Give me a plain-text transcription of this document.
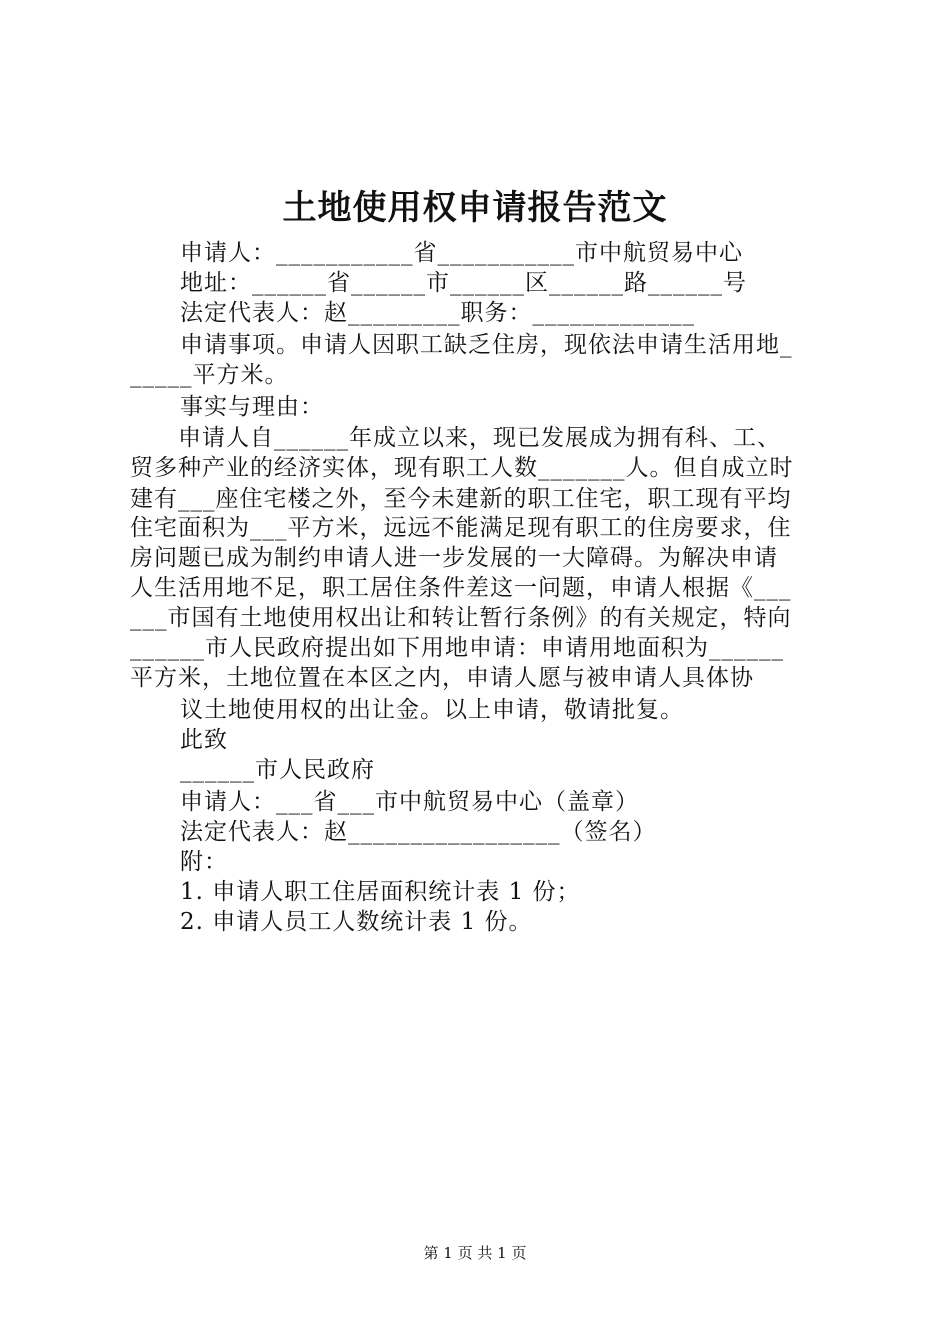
土地使用权申请报告范文
申请人：___________省___________市中航贸易中心
地址：______省______市______区______路______号
法定代表人：赵_________职务：_____________
申请事项。申请人因职工缺乏住房，现依法申请生活用地_
_____平方米。
事实与理由：
申请人自______年成立以来，现已发展成为拥有科、工、
贸多种产业的经济实体，现有职工人数_______人。但自成立时
建有___座住宅楼之外，至今未建新的职工住宅，职工现有平均
住宅面积为___平方米，远远不能满足现有职工的住房要求，住
房问题已成为制约申请人进一步发展的一大障碍。为解决申请
人生活用地不足，职工居住条件差这一问题，申请人根据《___
___市国有土地使用权出让和转让暂行条例》的有关规定，特向
______市人民政府提出如下用地申请：申请用地面积为______
平方米，土地位置在本区之内，申请人愿与被申请人具体协
议土地使用权的出让金。以上申请，敬请批复。
此致
______市人民政府
申请人：___省___市中航贸易中心（盖章）
法定代表人：赵_________________（签名）
附：
1. 申请人职工住居面积统计表 1 份；
2. 申请人员工人数统计表 1 份。
第 1 页 共 1 页
